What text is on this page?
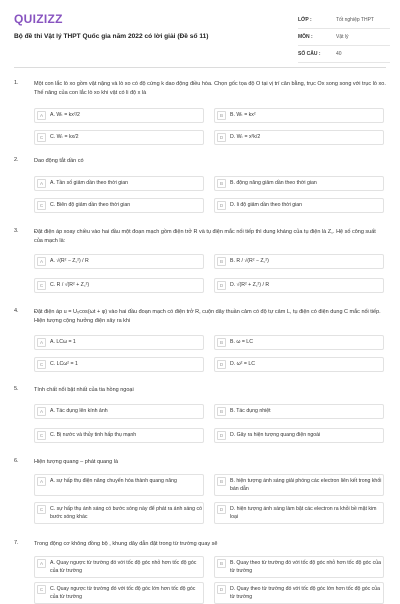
QUIZIZZ
Bộ đề thi Vật lý THPT Quốc gia năm 2022 có lời giải (Đề số 11)
LỚP :	Tốt nghiệp THPT
MÔN :	Vật lý
SỐ CÂU :	40
1.	Một con lắc lò xo gồm vật nặng và lò xo có độ cứng k dao động điều hòa. Chọn gốc tọa độ O tại vị trí cân bằng, trục Ox song song với trục lò xo. Thế năng của con lắc lò xo khi vật có li độ x là
A	A. Wₜ = kx²/2	B	B. Wₜ = kx²
C	C. Wₜ = kx/2	D	D. Wₜ = x²k/2
2.	Dao động tắt dần có
A	A. Tần số giảm dần theo thời gian	B	B. động năng giảm dần theo thời gian
C	C. Biên độ giảm dần theo thời gian	D	D. li độ giảm dần theo thời gian
3.	Đặt điện áp xoay chiều vào hai đầu một đoạn mạch gồm điện trở R và tụ điện mắc nối tiếp thì dung kháng của tụ điện là Z꜀. Hệ số công suất của mạch là:
A	A. √(R² − Z꜀²) / R	B	B. R / √(R² − Z꜀²)
C	C. R / √(R² + Z꜀²)	D	D. √(R² + Z꜀²) / R
4.	Đặt điện áp u = U₀cos(ωt + φ) vào hai đầu đoạn mạch có điện trở R, cuộn dây thuần cảm có độ tự cảm L, tụ điện có điện dung C mắc nối tiếp. Hiện tượng cộng hưởng điện xảy ra khi
A	A. LCω = 1	B	B. ω = LC
C	C. LCω² = 1	D	D. ω² = LC
5.	Tính chất nổi bật nhất của tia hồng ngoại
A	A. Tác dụng lên kính ảnh	B	B. Tác dụng nhiệt
C	C. Bị nước và thủy tinh hấp thụ mạnh	D	D. Gây ra hiện tượng quang điện ngoài
6.	Hiện tượng quang – phát quang là
A	A. sự hấp thụ điện năng chuyển hóa thành quang năng	B	B. hiện tượng ánh sáng giải phóng các electron liên kết trong khối bán dẫn
C	C. sự hấp thụ ánh sáng có bước sóng này để phát ra ánh sáng có bước sóng khác
D	D. hiện tượng ánh sáng làm bật các electron ra khỏi bề mặt kim loại
7.	Trong động cơ không đồng bộ , khung dây dẫn đặt trong từ trường quay sẽ
A	A. Quay ngược từ trường đó với tốc độ góc nhỏ hơn tốc độ góc của từ trường
B	B. Quay theo từ trường đó với tốc độ góc nhỏ hơn tốc độ góc của từ trường
C	C. Quay ngược từ trường đó với tốc độ góc lớn hơn tốc độ góc của từ trường
D	D. Quay theo từ trường đó với tốc độ góc lớn hơn tốc độ góc của từ trường
